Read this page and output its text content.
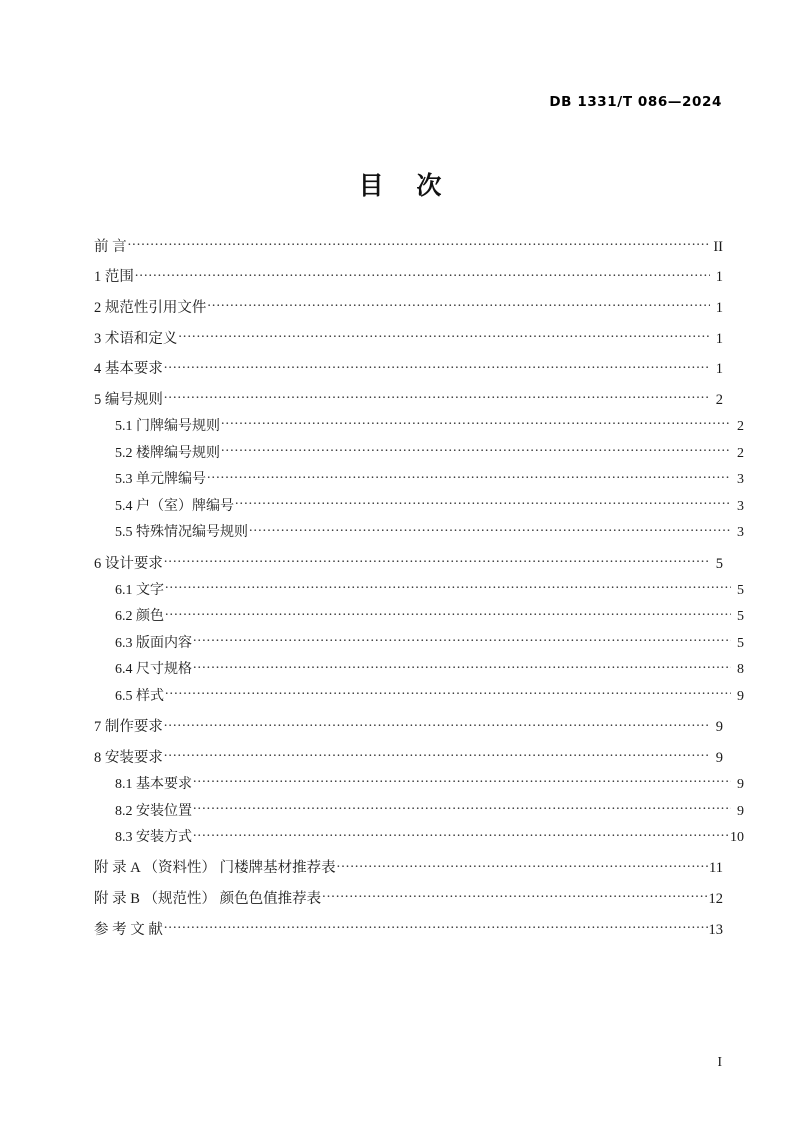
DB 1331/T 086—2024
目 次
前 言 .....	II
1 范围 .....	1
2 规范性引用文件 .....	1
3 术语和定义 .....	1
4 基本要求 .....	1
5 编号规则 .....	2
5.1 门牌编号规则 .....	2
5.2 楼牌编号规则 .....	2
5.3 单元牌编号 .....	3
5.4 户（室）牌编号 .....	3
5.5 特殊情况编号规则 .....	3
6 设计要求 .....	5
6.1 文字 .....	5
6.2 颜色 .....	5
6.3 版面内容 .....	5
6.4 尺寸规格 .....	8
6.5 样式 .....	9
7 制作要求 .....	9
8 安装要求 .....	9
8.1 基本要求 .....	9
8.2 安装位置 .....	9
8.3 安装方式 .....	10
附 录 A （资料性） 门楼牌基材推荐表 .....	11
附 录 B （规范性） 颜色色值推荐表 .....	12
参 考 文 献 .....	13
I
